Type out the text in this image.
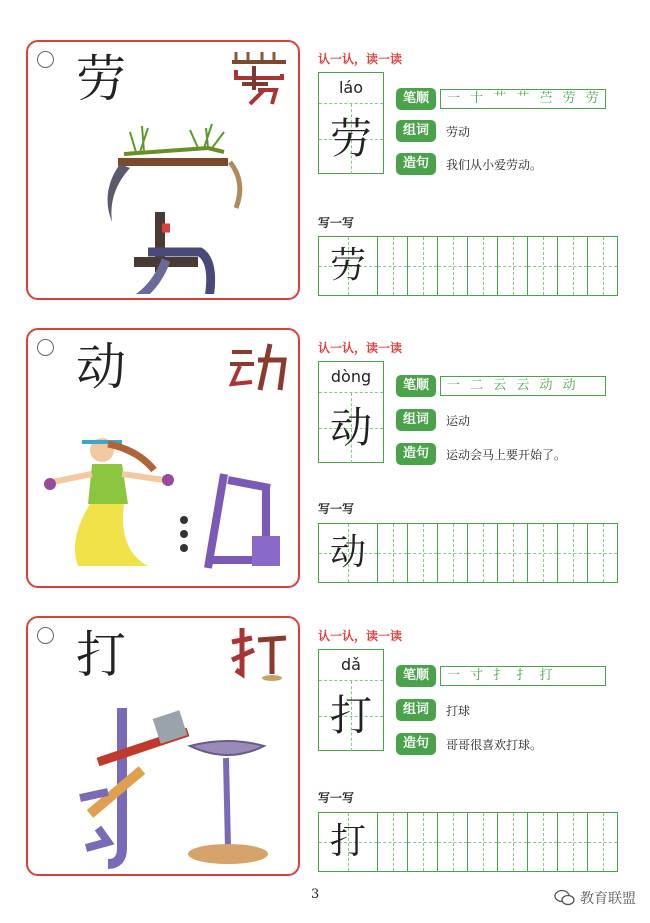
劳	认一认，读一读
láo
劳
笔顺	一 十 艹 艹 苎 劳 劳
组词	劳动
造句	我们从小爱劳动。
写一写
劳
动	认一认，读一读
dòng
动
笔顺	一 二 云 云 动 动
组词	运动
造句	运动会马上要开始了。
写一写
动
打	认一认，读一读
dǎ
打
笔顺	一 寸 扌 扌 打
组词	打球
造句	哥哥很喜欢打球。
写一写
打
3	教育联盟
